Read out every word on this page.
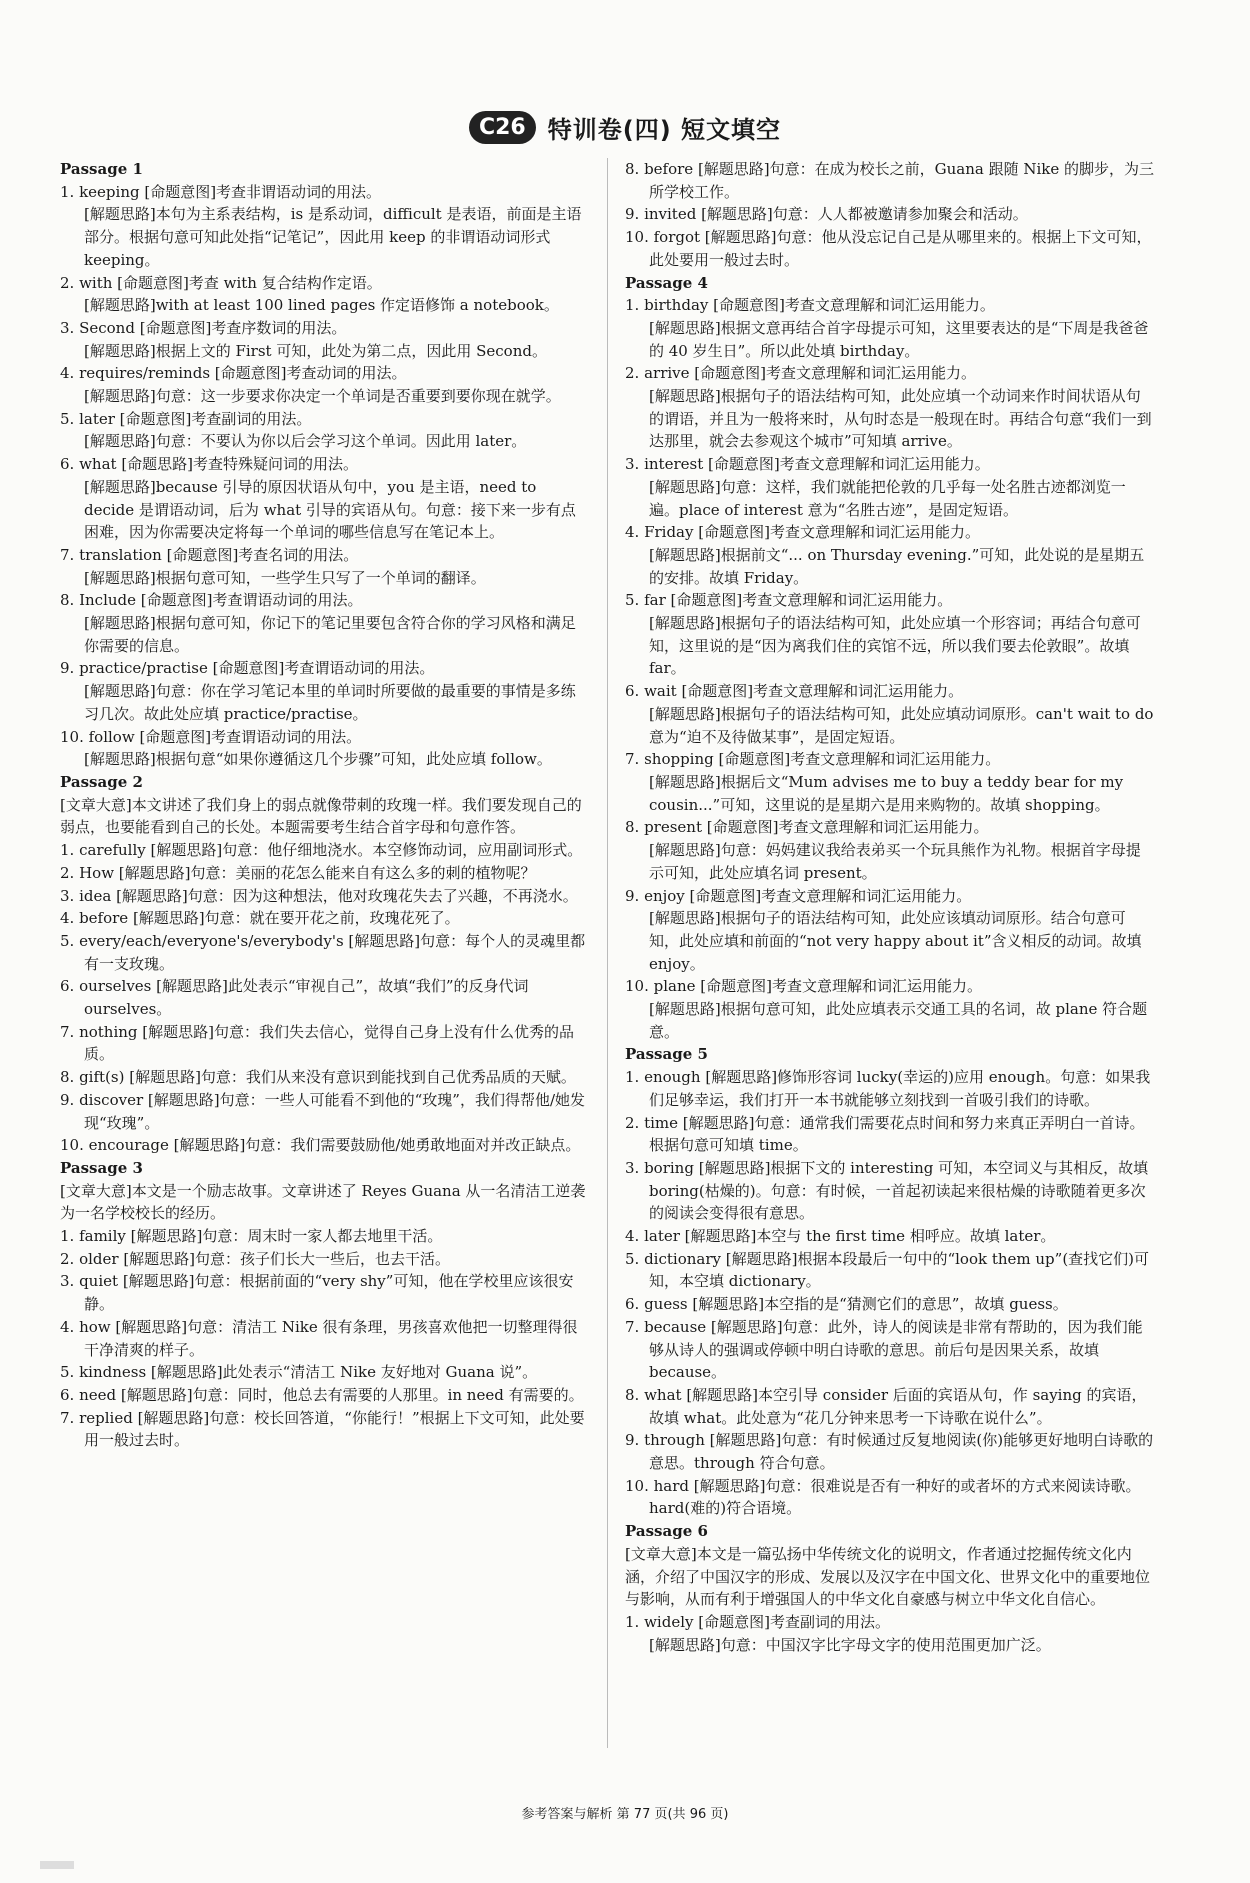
C26 特训卷(四) 短文填空
Passage 1
1. keeping [命题意图]考查非谓语动词的用法。
[解题思路]本句为主系表结构，is 是系动词，difficult 是表语，前面是主语部分。根据句意可知此处指“记笔记”，因此用 keep 的非谓语动词形式 keeping。
2. with [命题意图]考查 with 复合结构作定语。
[解题思路]with at least 100 lined pages 作定语修饰 a notebook。
3. Second [命题意图]考查序数词的用法。
[解题思路]根据上文的 First 可知，此处为第二点，因此用 Second。
4. requires/reminds [命题意图]考查动词的用法。
[解题思路]句意：这一步要求你决定一个单词是否重要到要你现在就学。
5. later [命题意图]考查副词的用法。
[解题思路]句意：不要认为你以后会学习这个单词。因此用 later。
6. what [命题思路]考查特殊疑问词的用法。
[解题思路]because 引导的原因状语从句中，you 是主语，need to decide 是谓语动词，后为 what 引导的宾语从句。句意：接下来一步有点困难，因为你需要决定将每一个单词的哪些信息写在笔记本上。
7. translation [命题意图]考查名词的用法。
[解题思路]根据句意可知，一些学生只写了一个单词的翻译。
8. Include [命题意图]考查谓语动词的用法。
[解题思路]根据句意可知，你记下的笔记里要包含符合你的学习风格和满足你需要的信息。
9. practice/practise [命题意图]考查谓语动词的用法。
[解题思路]句意：你在学习笔记本里的单词时所要做的最重要的事情是多练习几次。故此处应填 practice/practise。
10. follow [命题意图]考查谓语动词的用法。
[解题思路]根据句意“如果你遵循这几个步骤”可知，此处应填 follow。
Passage 2
[文章大意]本文讲述了我们身上的弱点就像带刺的玫瑰一样。我们要发现自己的弱点，也要能看到自己的长处。本题需要考生结合首字母和句意作答。
1. carefully [解题思路]句意：他仔细地浇水。本空修饰动词，应用副词形式。
2. How [解题思路]句意：美丽的花怎么能来自有这么多的刺的植物呢？
3. idea [解题思路]句意：因为这种想法，他对玫瑰花失去了兴趣，不再浇水。
4. before [解题思路]句意：就在要开花之前，玫瑰花死了。
5. every/each/everyone's/everybody's [解题思路]句意：每个人的灵魂里都有一支玫瑰。
6. ourselves [解题思路]此处表示“审视自己”，故填“我们”的反身代词 ourselves。
7. nothing [解题思路]句意：我们失去信心，觉得自己身上没有什么优秀的品质。
8. gift(s) [解题思路]句意：我们从来没有意识到能找到自己优秀品质的天赋。
9. discover [解题思路]句意：一些人可能看不到他的“玫瑰”，我们得帮他/她发现“玫瑰”。
10. encourage [解题思路]句意：我们需要鼓励他/她勇敢地面对并改正缺点。
Passage 3
[文章大意]本文是一个励志故事。文章讲述了 Reyes Guana 从一名清洁工逆袭为一名学校校长的经历。
1. family [解题思路]句意：周末时一家人都去地里干活。
2. older [解题思路]句意：孩子们长大一些后，也去干活。
3. quiet [解题思路]句意：根据前面的“very shy”可知，他在学校里应该很安静。
4. how [解题思路]句意：清洁工 Nike 很有条理，男孩喜欢他把一切整理得很干净清爽的样子。
5. kindness [解题思路]此处表示“清洁工 Nike 友好地对 Guana 说”。
6. need [解题思路]句意：同时，他总去有需要的人那里。in need 有需要的。
7. replied [解题思路]句意：校长回答道，“你能行！”根据上下文可知，此处要用一般过去时。
8. before [解题思路]句意：在成为校长之前，Guana 跟随 Nike 的脚步，为三所学校工作。
9. invited [解题思路]句意：人人都被邀请参加聚会和活动。
10. forgot [解题思路]句意：他从没忘记自己是从哪里来的。根据上下文可知，此处要用一般过去时。
Passage 4
1. birthday [命题意图]考查文意理解和词汇运用能力。
[解题思路]根据文意再结合首字母提示可知，这里要表达的是“下周是我爸爸的 40 岁生日”。所以此处填 birthday。
2. arrive [命题意图]考查文意理解和词汇运用能力。
[解题思路]根据句子的语法结构可知，此处应填一个动词来作时间状语从句的谓语，并且为一般将来时，从句时态是一般现在时。再结合句意“我们一到达那里，就会去参观这个城市”可知填 arrive。
3. interest [命题意图]考查文意理解和词汇运用能力。
[解题思路]句意：这样，我们就能把伦敦的几乎每一处名胜古迹都浏览一遍。place of interest 意为“名胜古迹”，是固定短语。
4. Friday [命题意图]考查文意理解和词汇运用能力。
[解题思路]根据前文“... on Thursday evening.”可知，此处说的是星期五的安排。故填 Friday。
5. far [命题意图]考查文意理解和词汇运用能力。
[解题思路]根据句子的语法结构可知，此处应填一个形容词；再结合句意可知，这里说的是“因为离我们住的宾馆不远，所以我们要去伦敦眼”。故填 far。
6. wait [命题意图]考查文意理解和词汇运用能力。
[解题思路]根据句子的语法结构可知，此处应填动词原形。can't wait to do 意为“迫不及待做某事”，是固定短语。
7. shopping [命题意图]考查文意理解和词汇运用能力。
[解题思路]根据后文“Mum advises me to buy a teddy bear for my cousin...”可知，这里说的是星期六是用来购物的。故填 shopping。
8. present [命题意图]考查文意理解和词汇运用能力。
[解题思路]句意：妈妈建议我给表弟买一个玩具熊作为礼物。根据首字母提示可知，此处应填名词 present。
9. enjoy [命题意图]考查文意理解和词汇运用能力。
[解题思路]根据句子的语法结构可知，此处应该填动词原形。结合句意可知，此处应填和前面的“not very happy about it”含义相反的动词。故填 enjoy。
10. plane [命题意图]考查文意理解和词汇运用能力。
[解题思路]根据句意可知，此处应填表示交通工具的名词，故 plane 符合题意。
Passage 5
1. enough [解题思路]修饰形容词 lucky(幸运的)应用 enough。句意：如果我们足够幸运，我们打开一本书就能够立刻找到一首吸引我们的诗歌。
2. time [解题思路]句意：通常我们需要花点时间和努力来真正弄明白一首诗。根据句意可知填 time。
3. boring [解题思路]根据下文的 interesting 可知，本空词义与其相反，故填 boring(枯燥的)。句意：有时候，一首起初读起来很枯燥的诗歌随着更多次的阅读会变得很有意思。
4. later [解题思路]本空与 the first time 相呼应。故填 later。
5. dictionary [解题思路]根据本段最后一句中的“look them up”(查找它们)可知，本空填 dictionary。
6. guess [解题思路]本空指的是“猜测它们的意思”，故填 guess。
7. because [解题思路]句意：此外，诗人的阅读是非常有帮助的，因为我们能够从诗人的强调或停顿中明白诗歌的意思。前后句是因果关系，故填 because。
8. what [解题思路]本空引导 consider 后面的宾语从句，作 saying 的宾语，故填 what。此处意为“花几分钟来思考一下诗歌在说什么”。
9. through [解题思路]句意：有时候通过反复地阅读(你)能够更好地明白诗歌的意思。through 符合句意。
10. hard [解题思路]句意：很难说是否有一种好的或者坏的方式来阅读诗歌。hard(难的)符合语境。
Passage 6
[文章大意]本文是一篇弘扬中华传统文化的说明文，作者通过挖掘传统文化内涵，介绍了中国汉字的形成、发展以及汉字在中国文化、世界文化中的重要地位与影响，从而有利于增强国人的中华文化自豪感与树立中华文化自信心。
1. widely [命题意图]考查副词的用法。
[解题思路]句意：中国汉字比字母文字的使用范围更加广泛。
参考答案与解析 第 77 页(共 96 页)
